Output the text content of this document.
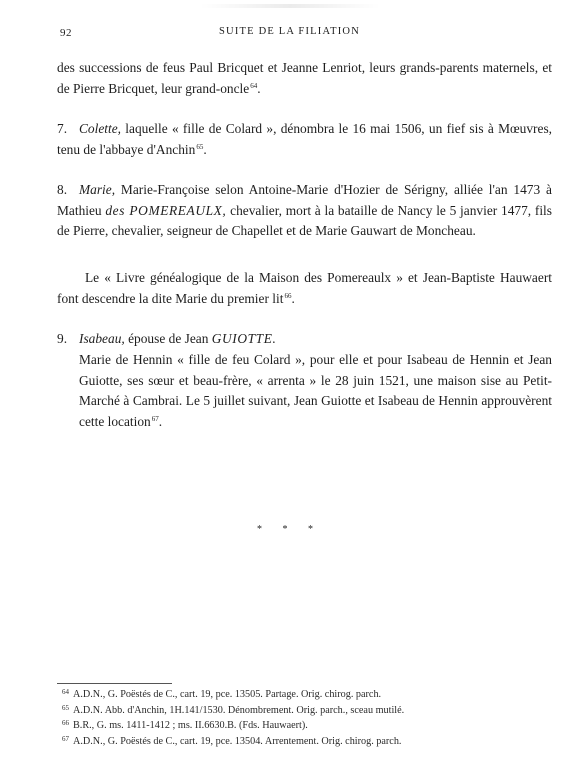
92	SUITE DE LA FILIATION
des successions de feus Paul Bricquet et Jeanne Lenriot, leurs grands-parents maternels, et de Pierre Bricquet, leur grand-oncle$^{64}$.
7. Colette, laquelle « fille de Colard », dénombra le 16 mai 1506, un fief sis à Mœuvres, tenu de l'abbaye d'Anchin$^{65}$.
8. Marie, Marie-Françoise selon Antoine-Marie d'Hozier de Sérigny, alliée l'an 1473 à Mathieu des POMEREAULX, chevalier, mort à la bataille de Nancy le 5 janvier 1477, fils de Pierre, chevalier, seigneur de Chapellet et de Marie Gauwart de Moncheau.
Le « Livre généalogique de la Maison des Pomereaulx » et Jean-Baptiste Hauwaert font descendre la dite Marie du premier lit$^{66}$.
9. Isabeau, épouse de Jean GUIOTTE.
Marie de Hennin « fille de feu Colard », pour elle et pour Isabeau de Hennin et Jean Guiotte, ses sœur et beau-frère, « arrenta » le 28 juin 1521, une maison sise au Petit-Marché à Cambrai. Le 5 juillet suivant, Jean Guiotte et Isabeau de Hennin approuvèrent cette location$^{67}$.
* * *
$^{64}$ A.D.N., G. Poëstés de C., cart. 19, pce. 13505. Partage. Orig. chirog. parch.
$^{65}$ A.D.N. Abb. d'Anchin, 1H.141/1530. Dénombrement. Orig. parch., sceau mutilé.
$^{66}$ B.R., G. ms. 1411-1412 ; ms. II.6630.B. (Fds. Hauwaert).
$^{67}$ A.D.N., G. Poëstés de C., cart. 19, pce. 13504. Arrentement. Orig. chirog. parch.
